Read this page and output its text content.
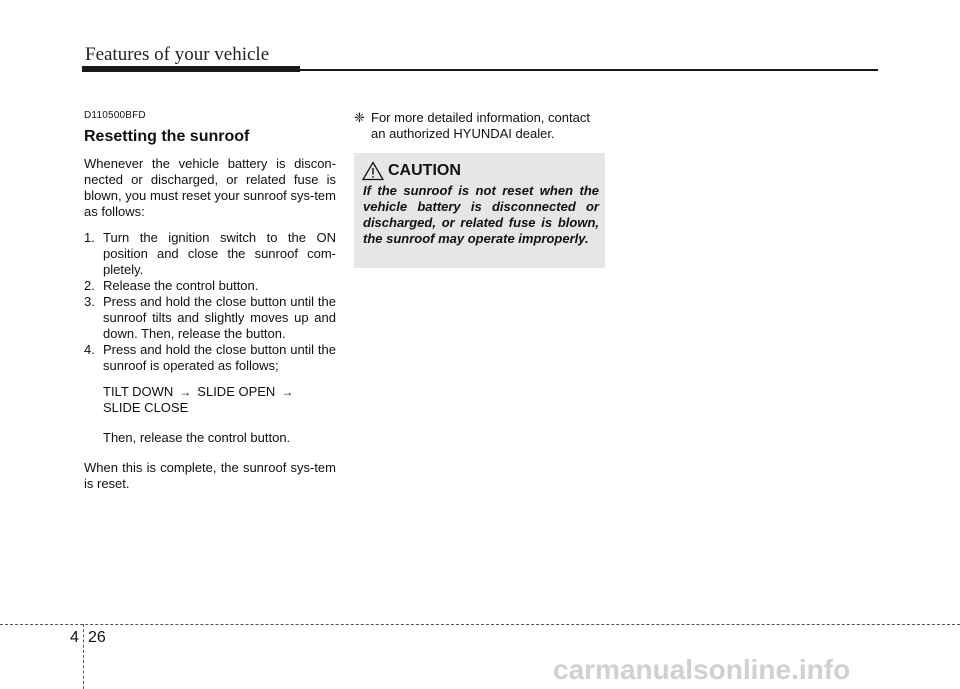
Features of your vehicle
D110500BFD
Resetting the sunroof

Whenever the vehicle battery is discon-nected or discharged, or related fuse is blown, you must reset your sunroof sys-tem as follows:

1. Turn the ignition switch to the ON position and close the sunroof com-pletely.
2. Release the control button.
3. Press and hold the close button until the sunroof tilts and slightly moves up and down. Then, release the button.
4. Press and hold the close button until the sunroof is operated as follows;
TILT DOWN → SLIDE OPEN →
SLIDE CLOSE
Then, release the control button.

When this is complete, the sunroof sys-tem is reset.

❈ For more detailed information, contact an authorized HYUNDAI dealer.
CAUTION
If the sunroof is not reset when the vehicle battery is disconnected or discharged, or related fuse is blown, the sunroof may operate improperly.
4 26
carmanualsonline.info
